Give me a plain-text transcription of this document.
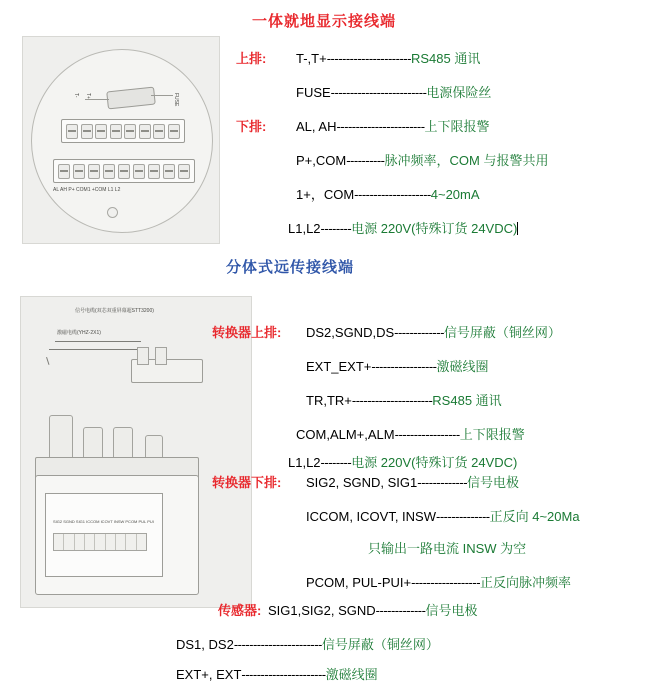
一体就地显示接线端
分体式远传接线端
FUSE
T- T+
AL AH P+ COM1 +COM L1 L2
信号电缆(双芯双重屏幕超STT3200)
激磁电缆(YHZ-2X1)
SIG2 SGND SIG1 ICCOM ICOVT INSW PCOM PUL PUI
上排: T-,T+----------------------RS485 通讯
FUSE-------------------------电源保险丝
下排: AL, AH-----------------------上下限报警
P+,COM----------脉冲频率，COM 与报警共用
1+，COM--------------------4~20mA
L1,L2--------电源 220V(特殊订货 24VDC)
转换器上排: DS2,SGND,DS-------------信号屏蔽（铜丝网）
EXT_EXT+-----------------激磁线圈
TR,TR+---------------------RS485 通讯
COM,ALM+,ALM-----------------上下限报警
L1,L2--------电源 220V(特殊订货 24VDC)
转换器下排: SIG2, SGND, SIG1-------------信号电极
ICCOM, ICOVT, INSW--------------正反向 4~20Ma
只输出一路电流 INSW 为空
PCOM, PUL-PUI+------------------正反向脉冲频率
传感器: SIG1,SIG2, SGND-------------信号电极
DS1, DS2-----------------------信号屏蔽（铜丝网）
EXT+, EXT----------------------激磁线圈
